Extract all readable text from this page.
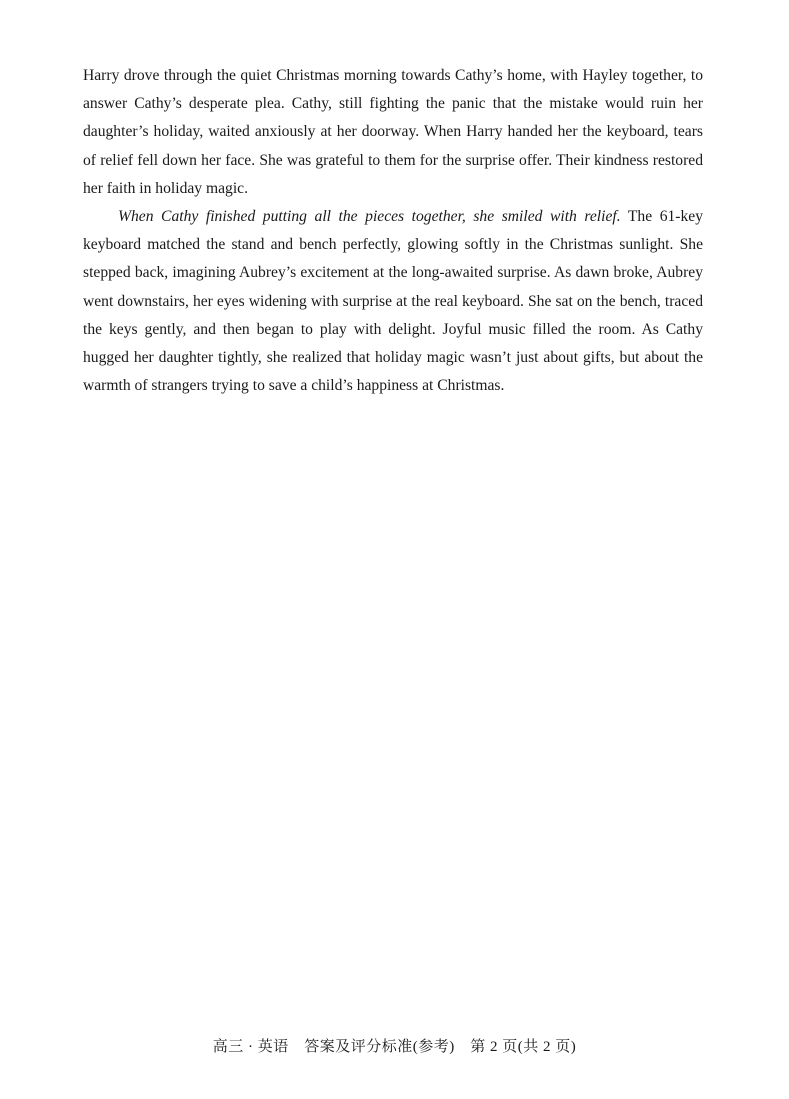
Harry drove through the quiet Christmas morning towards Cathy’s home, with Hayley together, to answer Cathy’s desperate plea. Cathy, still fighting the panic that the mistake would ruin her daughter’s holiday, waited anxiously at her doorway. When Harry handed her the keyboard, tears of relief fell down her face. She was grateful to them for the surprise offer. Their kindness restored her faith in holiday magic.

When Cathy finished putting all the pieces together, she smiled with relief. The 61-key keyboard matched the stand and bench perfectly, glowing softly in the Christmas sunlight. She stepped back, imagining Aubrey’s excitement at the long-awaited surprise. As dawn broke, Aubrey went downstairs, her eyes widening with surprise at the real keyboard. She sat on the bench, traced the keys gently, and then began to play with delight. Joyful music filled the room. As Cathy hugged her daughter tightly, she realized that holiday magic wasn’t just about gifts, but about the warmth of strangers trying to save a child’s happiness at Christmas.

高三 · 英语　答案及评分标准(参考)　第 2 页(共 2 页)
